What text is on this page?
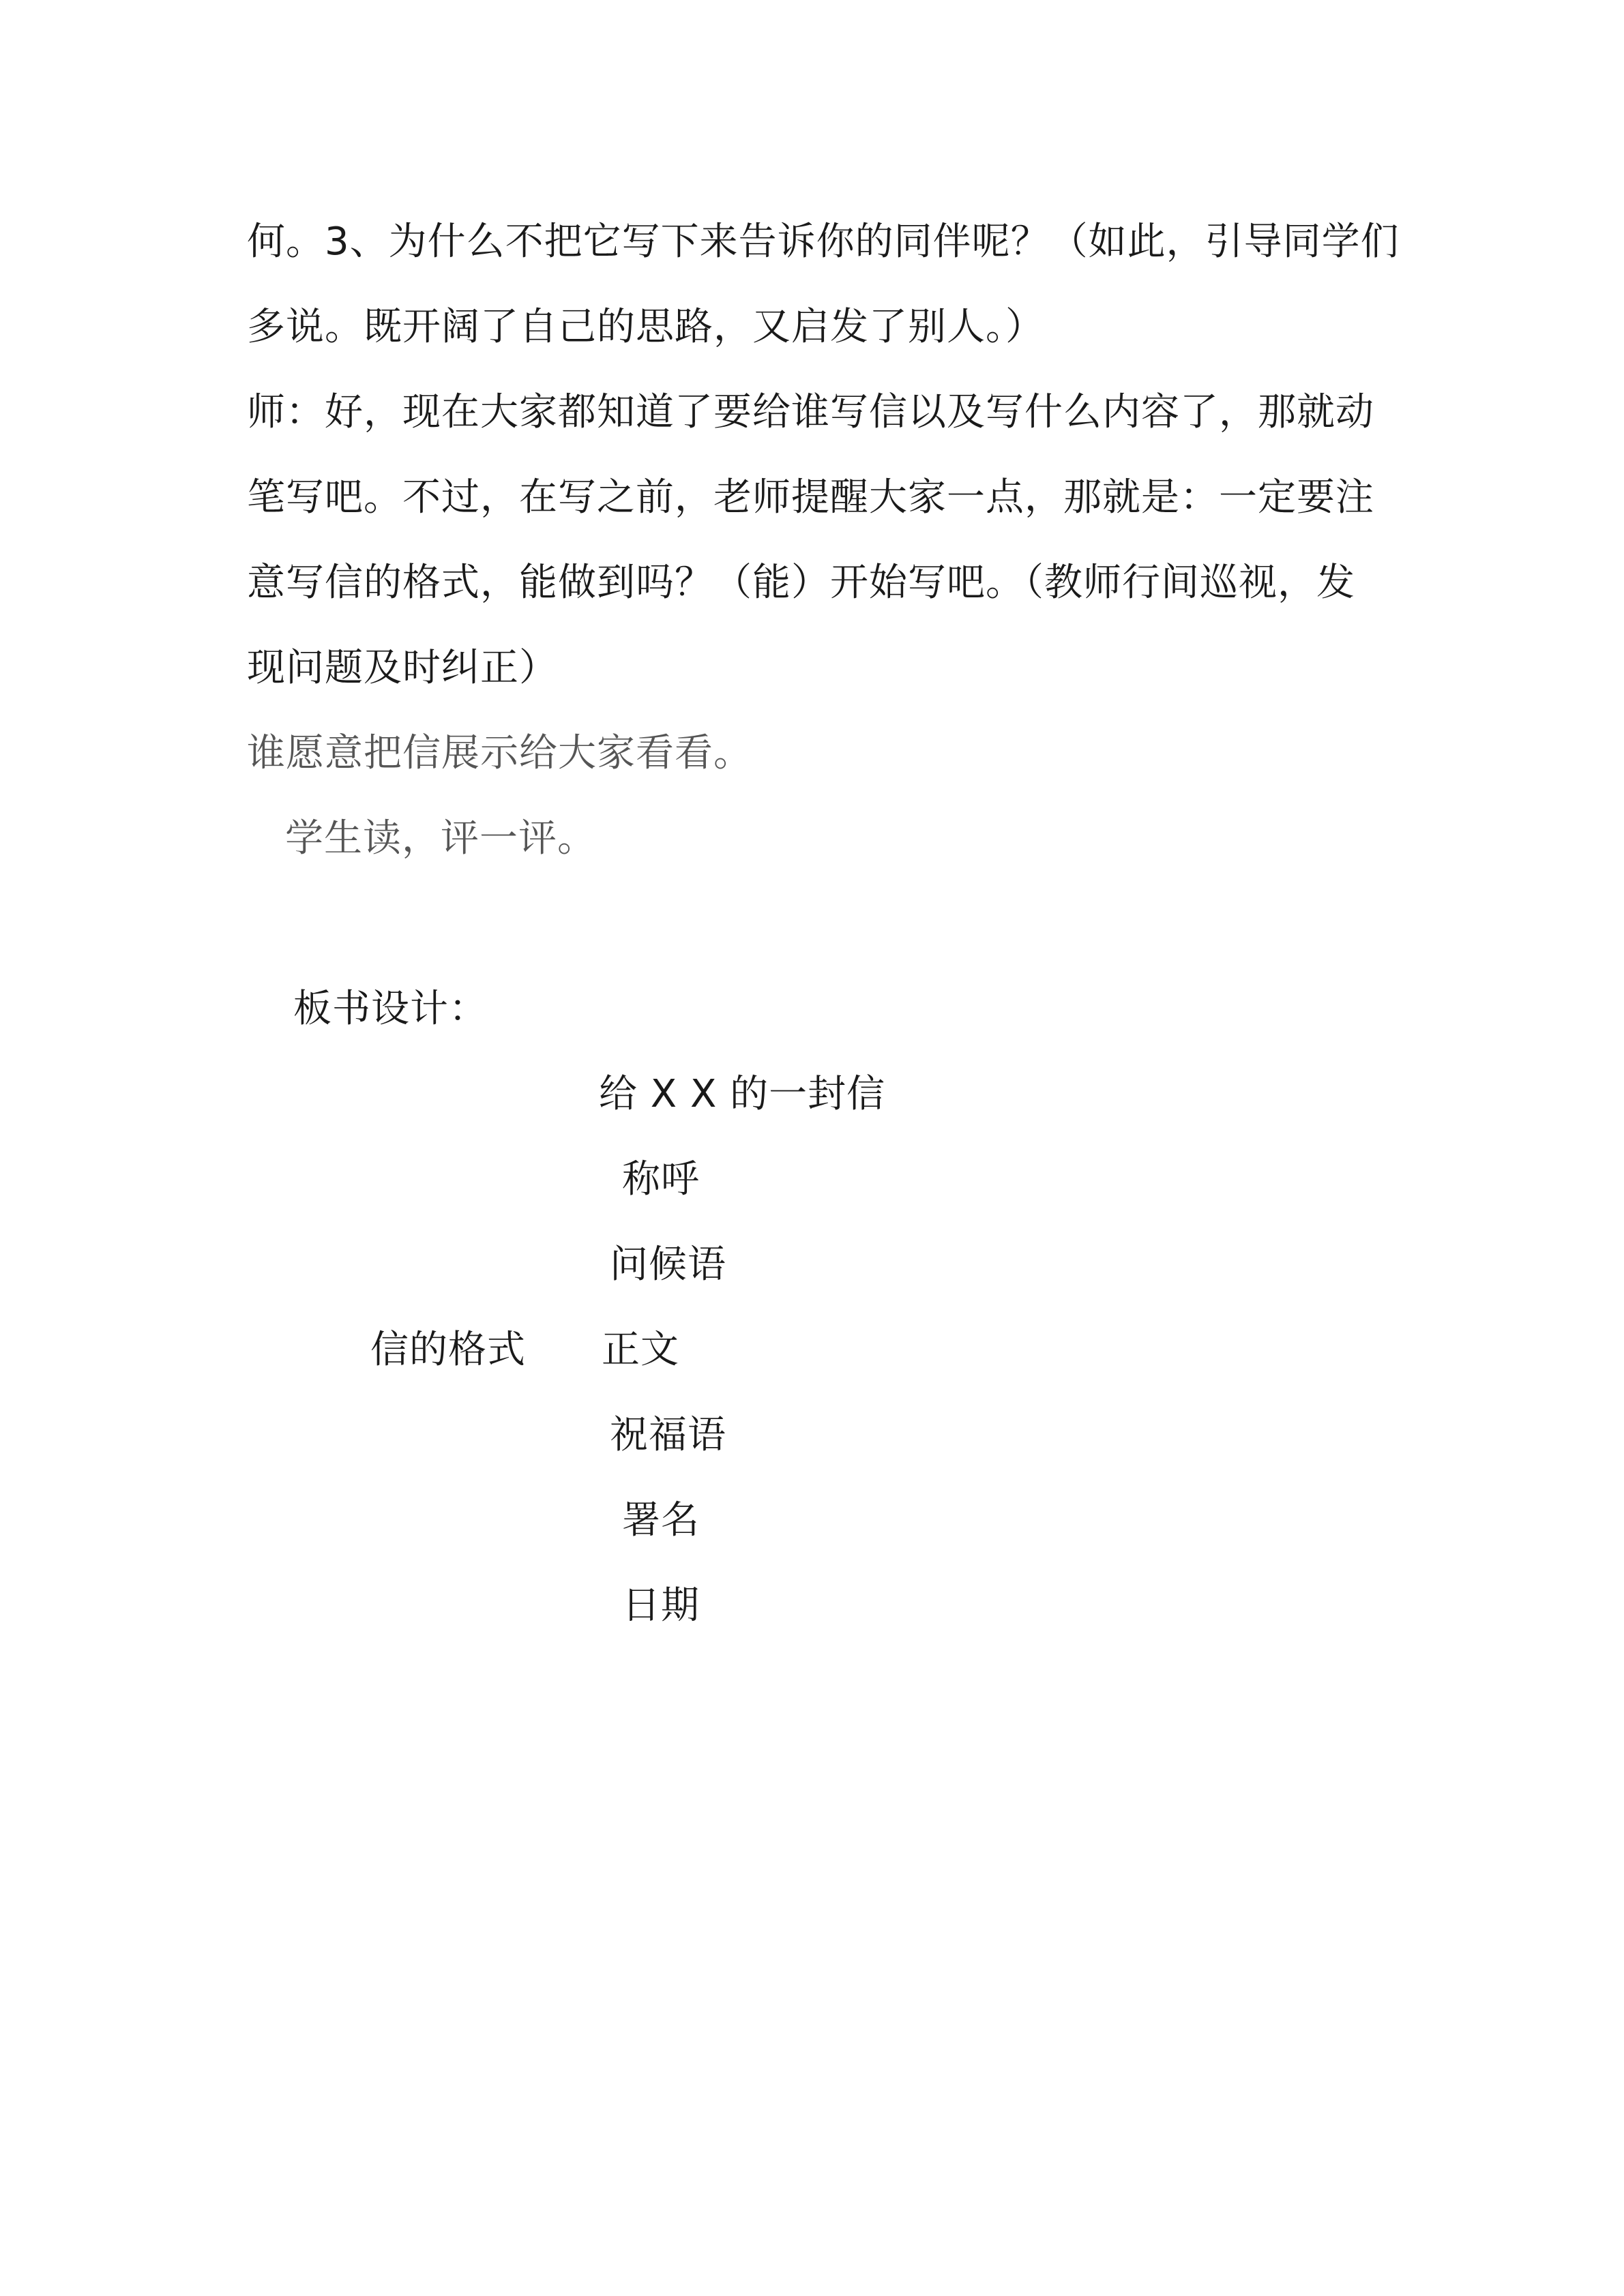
何。3、为什么不把它写下来告诉你的同伴呢？（如此，引导同学们
多说。既开阔了自己的思路，又启发了别人。）
师：好，现在大家都知道了要给谁写信以及写什么内容了，那就动
笔写吧。不过，在写之前，老师提醒大家一点，那就是：一定要注
意写信的格式，能做到吗？（能）开始写吧。（教师行间巡视，发
现问题及时纠正）
谁愿意把信展示给大家看看。
学生读，评一评。
板书设计：
给 X X 的一封信
称呼
问候语
信的格式 正文
祝福语
署名
日期
